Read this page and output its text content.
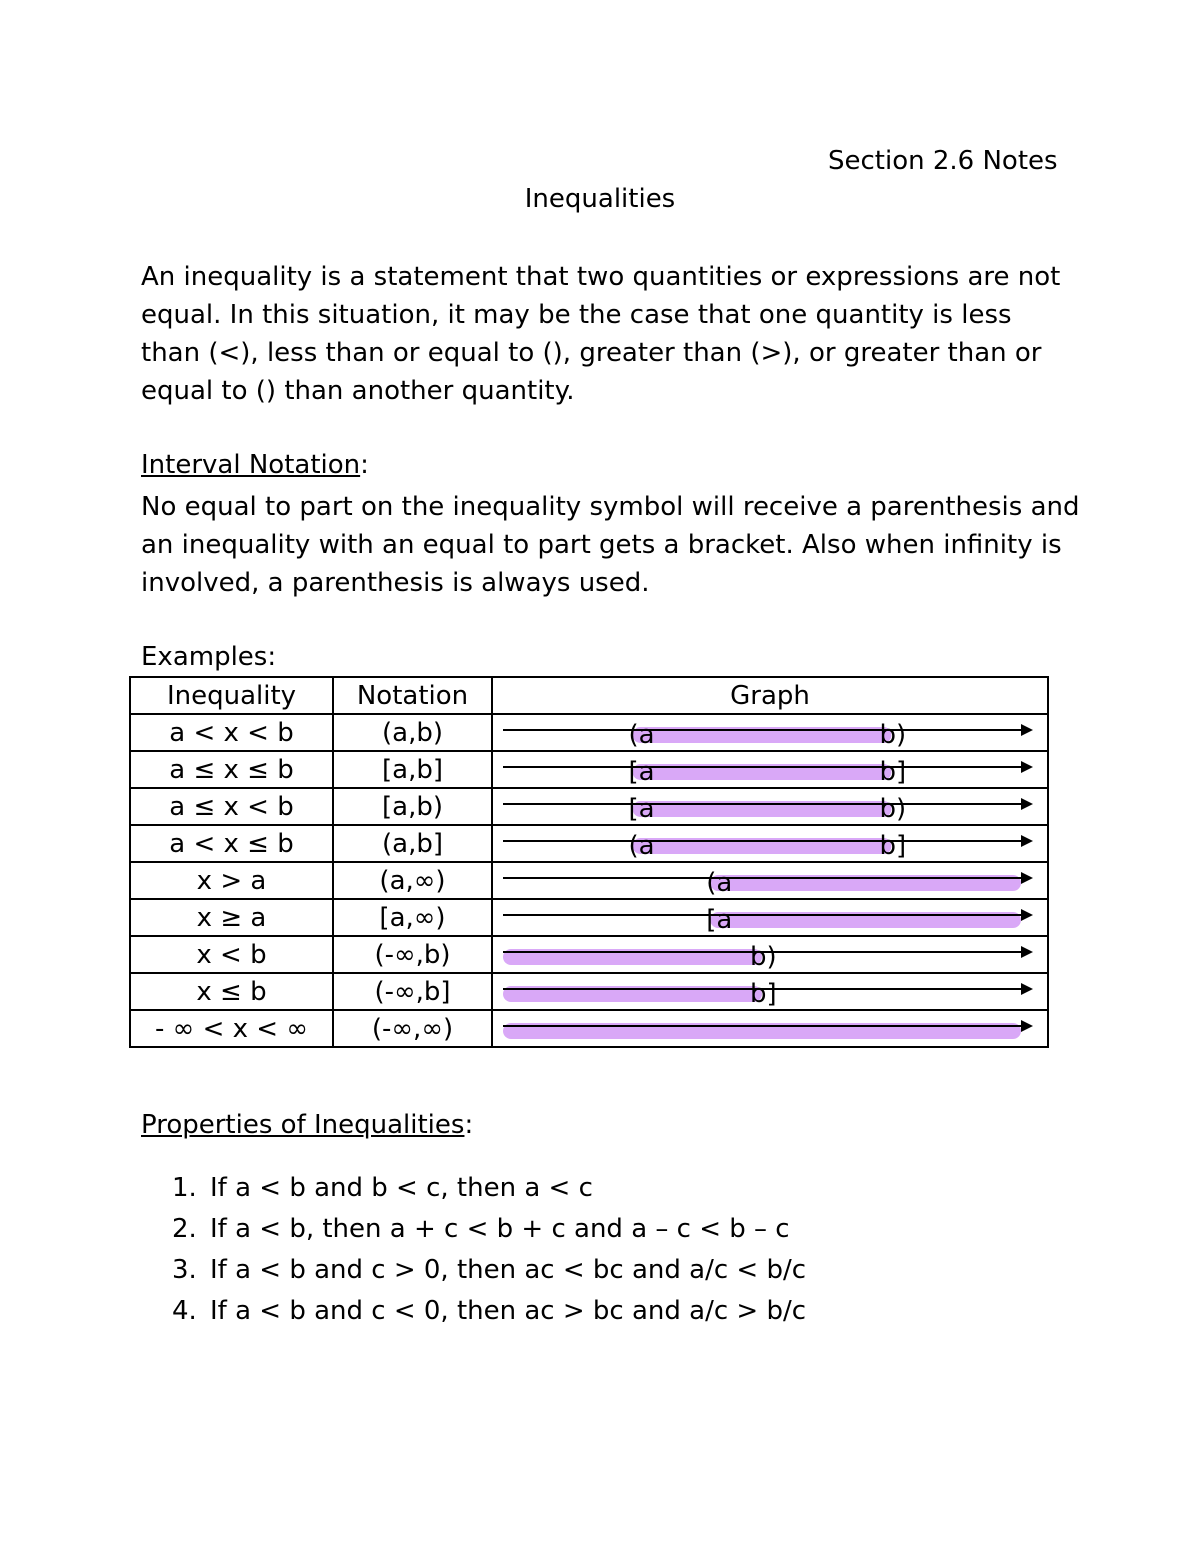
Section 2.6 Notes
Inequalities

An inequality is a statement that two quantities or expressions are not

equal. In this situation, it may be the case that one quantity is less

than (<), less than or equal to (), greater than (>), or greater than or

equal to () than another quantity.

Interval Notation:

No equal to part on the inequality symbol will receive a parenthesis and

an inequality with an equal to part gets a bracket. Also when infinity is

involved, a parenthesis is always used.

Examples:
Inequality	Notation	Graph
a < x < b	(a,b)	(a b)

a ≤ x ≤ b	[a,b]	[a b]

a ≤ x < b	[a,b)	[a b)

a < x ≤ b	(a,b]	(a b]

x > a	(a,∞)	(a

x ≥ a	[a,∞)	[a

x < b	(-∞,b)	b)

x ≤ b	(-∞,b]	b]

- ∞ < x < ∞	(-∞,∞)	
Properties of Inequalities:
1. If a < b and b < c, then a < c
2. If a < b, then a + c < b + c and a – c < b – c
3. If a < b and c > 0, then ac < bc and a/c < b/c
4. If a < b and c < 0, then ac > bc and a/c > b/c
